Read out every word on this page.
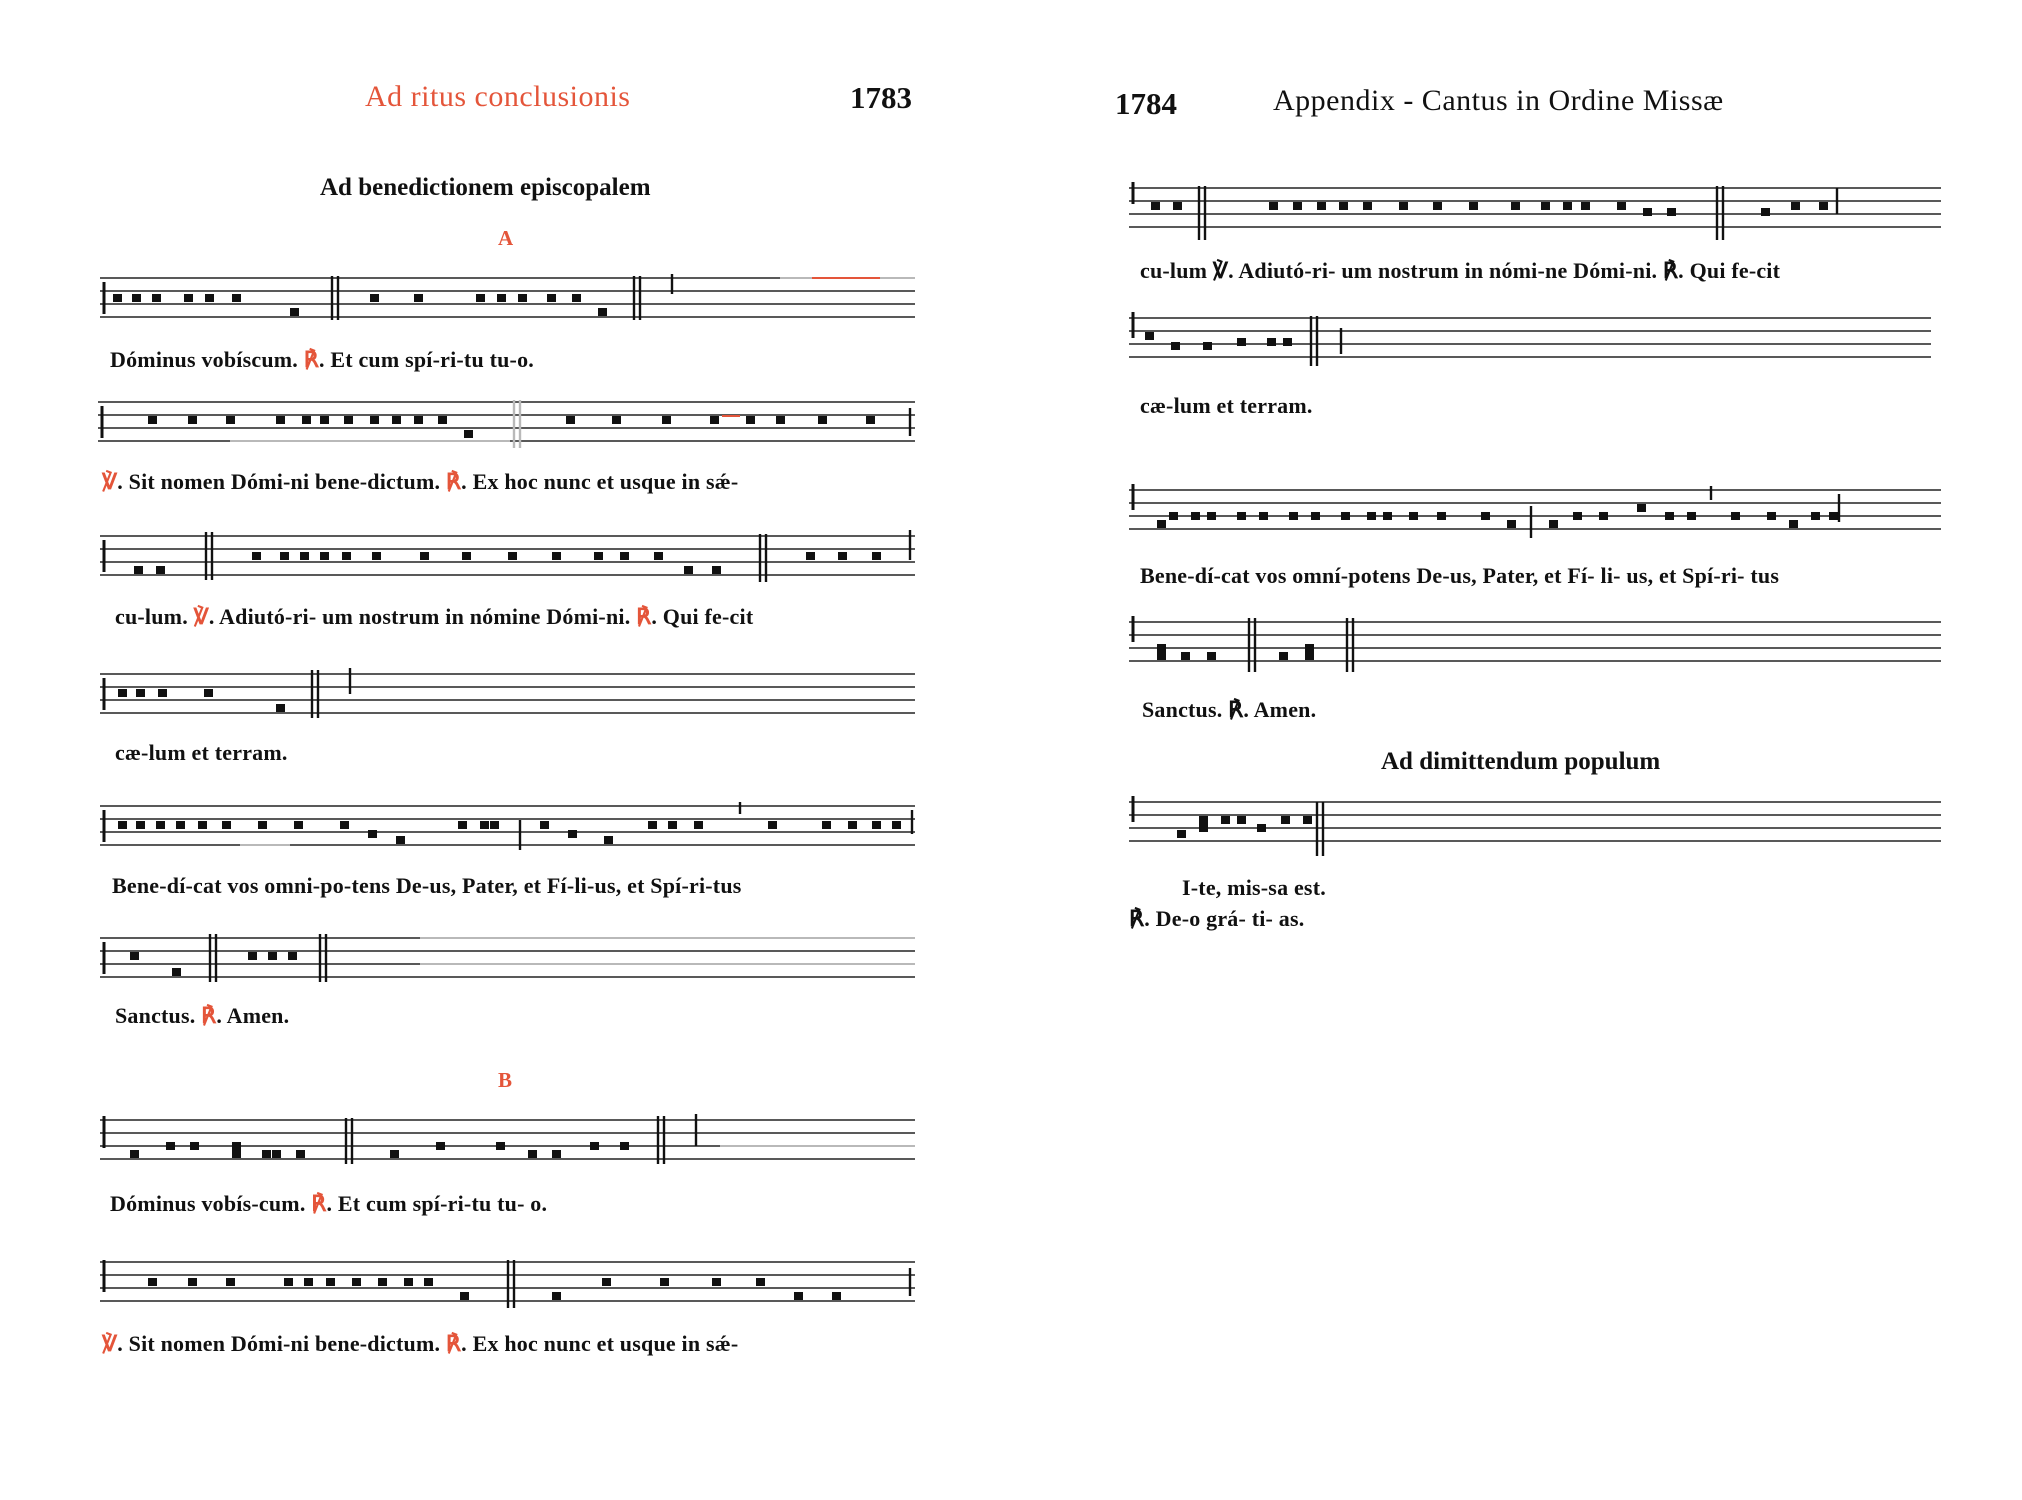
Ad ritus conclusionis	1783
Ad benedictionem episcopalem
A
Dóminus vobíscum. ℟. Et cum spí-ri-tu tu-o.
℣. Sit nomen Dómi-ni bene-dictum. ℟. Ex hoc nunc et usque in sǽ-
cu-lum. ℣. Adiutó-ri- um nostrum in nómine Dómi-ni. ℟. Qui fe-cit
cæ-lum et terram.
Bene-dí-cat vos omni-po-tens De-us, Pater, et Fí-li-us, et Spí-ri-tus
Sanctus. ℟. Amen.
B
Dóminus vobís-cum. ℟. Et cum spí-ri-tu tu- o.
℣. Sit nomen Dómi-ni bene-dictum. ℟. Ex hoc nunc et usque in sǽ-
1784	Appendix - Cantus in Ordine Missæ
cu-lum ℣. Adiutó-ri- um nostrum in nómi-ne Dómi-ni. ℟. Qui fe-cit
cæ-lum et terram.
Bene-dí-cat vos omní-potens De-us, Pater, et Fí- li- us, et Spí-ri- tus
Sanctus. ℟. Amen.
Ad dimittendum populum
I-te, mis-sa est.
℟. De-o grá- ti- as.
